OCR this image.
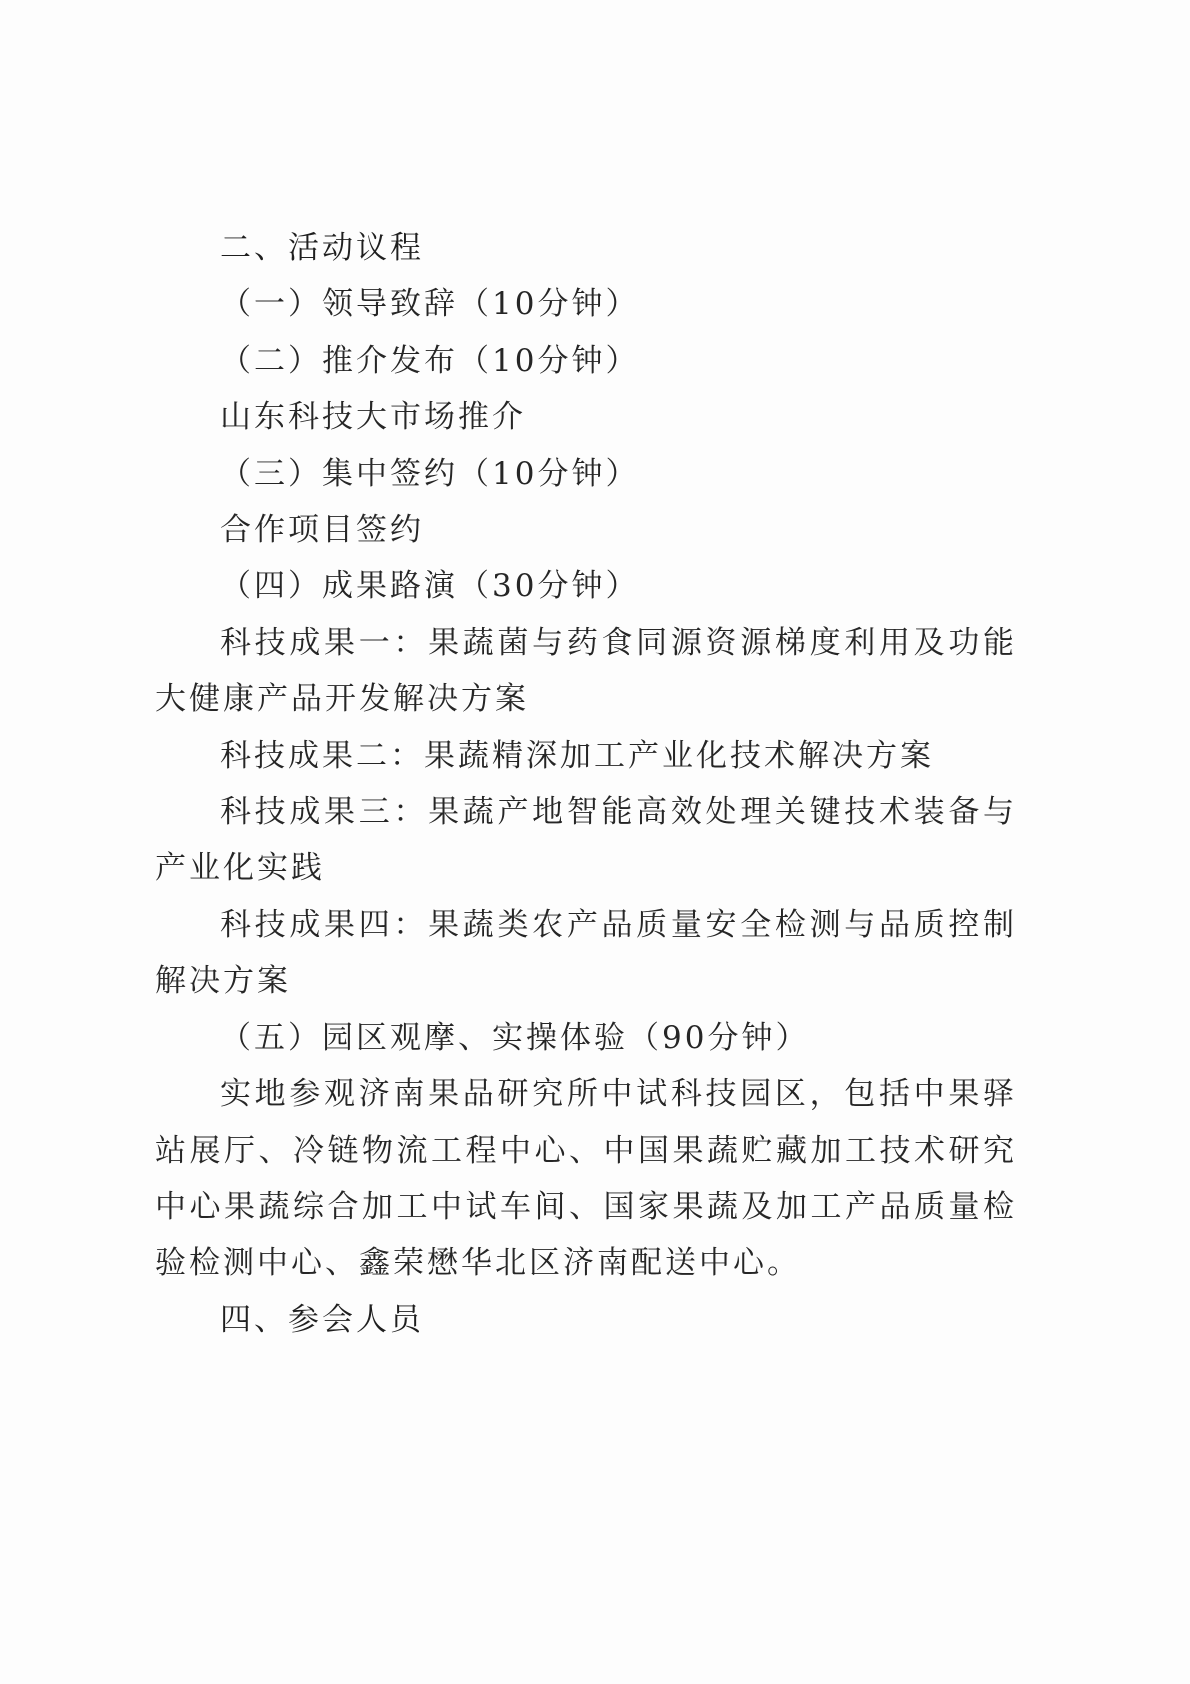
二、活动议程

（一）领导致辞（10分钟）

（二）推介发布（10分钟）

山东科技大市场推介

（三）集中签约（10分钟）

合作项目签约

（四）成果路演（30分钟）

科技成果一：果蔬菌与药食同源资源梯度利用及功能大健康产品开发解决方案

科技成果二：果蔬精深加工产业化技术解决方案

科技成果三：果蔬产地智能高效处理关键技术装备与产业化实践

科技成果四：果蔬类农产品质量安全检测与品质控制解决方案

（五）园区观摩、实操体验（90分钟）

实地参观济南果品研究所中试科技园区，包括中果驿站展厅、冷链物流工程中心、中国果蔬贮藏加工技术研究中心果蔬综合加工中试车间、国家果蔬及加工产品质量检验检测中心、鑫荣懋华北区济南配送中心。

四、参会人员
